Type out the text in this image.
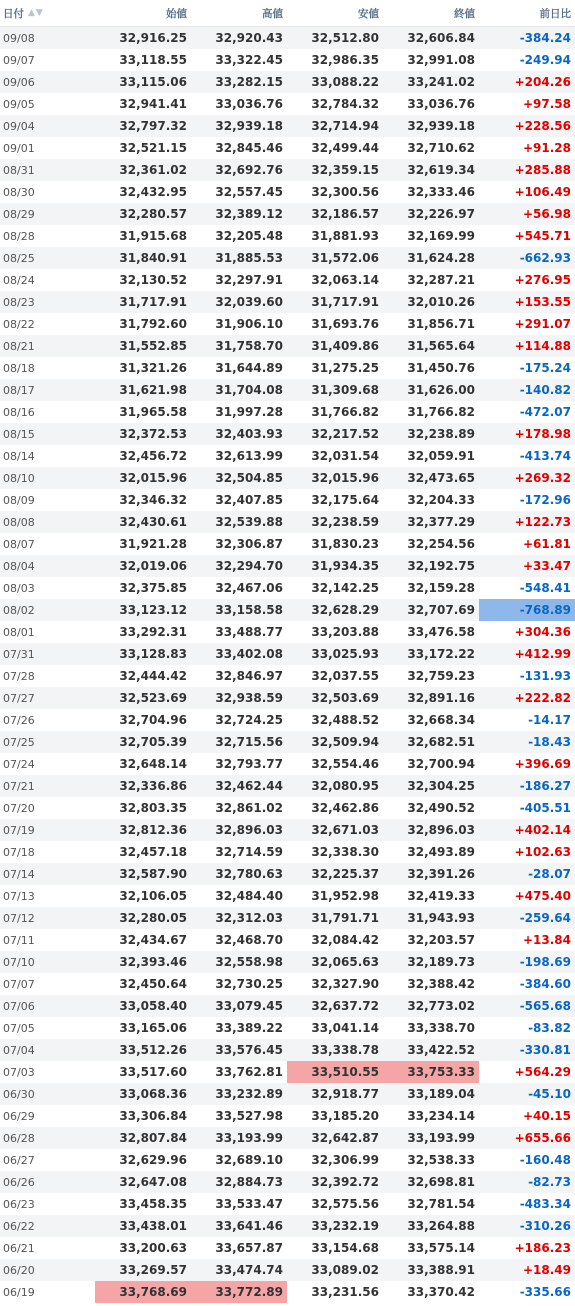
日付 ▲▼	始値	高値	安値	終値	前日比
09/08	32,916.25	32,920.43	32,512.80	32,606.84	-384.24
09/07	33,118.55	33,322.45	32,986.35	32,991.08	-249.94
09/06	33,115.06	33,282.15	33,088.22	33,241.02	+204.26
09/05	32,941.41	33,036.76	32,784.32	33,036.76	+97.58
09/04	32,797.32	32,939.18	32,714.94	32,939.18	+228.56
09/01	32,521.15	32,845.46	32,499.44	32,710.62	+91.28
08/31	32,361.02	32,692.76	32,359.15	32,619.34	+285.88
08/30	32,432.95	32,557.45	32,300.56	32,333.46	+106.49
08/29	32,280.57	32,389.12	32,186.57	32,226.97	+56.98
08/28	31,915.68	32,205.48	31,881.93	32,169.99	+545.71
08/25	31,840.91	31,885.53	31,572.06	31,624.28	-662.93
08/24	32,130.52	32,297.91	32,063.14	32,287.21	+276.95
08/23	31,717.91	32,039.60	31,717.91	32,010.26	+153.55
08/22	31,792.60	31,906.10	31,693.76	31,856.71	+291.07
08/21	31,552.85	31,758.70	31,409.86	31,565.64	+114.88
08/18	31,321.26	31,644.89	31,275.25	31,450.76	-175.24
08/17	31,621.98	31,704.08	31,309.68	31,626.00	-140.82
08/16	31,965.58	31,997.28	31,766.82	31,766.82	-472.07
08/15	32,372.53	32,403.93	32,217.52	32,238.89	+178.98
08/14	32,456.72	32,613.99	32,031.54	32,059.91	-413.74
08/10	32,015.96	32,504.85	32,015.96	32,473.65	+269.32
08/09	32,346.32	32,407.85	32,175.64	32,204.33	-172.96
08/08	32,430.61	32,539.88	32,238.59	32,377.29	+122.73
08/07	31,921.28	32,306.87	31,830.23	32,254.56	+61.81
08/04	32,019.06	32,294.70	31,934.35	32,192.75	+33.47
08/03	32,375.85	32,467.06	32,142.25	32,159.28	-548.41
08/02	33,123.12	33,158.58	32,628.29	32,707.69	-768.89
08/01	33,292.31	33,488.77	33,203.88	33,476.58	+304.36
07/31	33,128.83	33,402.08	33,025.93	33,172.22	+412.99
07/28	32,444.42	32,846.97	32,037.55	32,759.23	-131.93
07/27	32,523.69	32,938.59	32,503.69	32,891.16	+222.82
07/26	32,704.96	32,724.25	32,488.52	32,668.34	-14.17
07/25	32,705.39	32,715.56	32,509.94	32,682.51	-18.43
07/24	32,648.14	32,793.77	32,554.46	32,700.94	+396.69
07/21	32,336.86	32,462.44	32,080.95	32,304.25	-186.27
07/20	32,803.35	32,861.02	32,462.86	32,490.52	-405.51
07/19	32,812.36	32,896.03	32,671.03	32,896.03	+402.14
07/18	32,457.18	32,714.59	32,338.30	32,493.89	+102.63
07/14	32,587.90	32,780.63	32,225.37	32,391.26	-28.07
07/13	32,106.05	32,484.40	31,952.98	32,419.33	+475.40
07/12	32,280.05	32,312.03	31,791.71	31,943.93	-259.64
07/11	32,434.67	32,468.70	32,084.42	32,203.57	+13.84
07/10	32,393.46	32,558.98	32,065.63	32,189.73	-198.69
07/07	32,450.64	32,730.25	32,327.90	32,388.42	-384.60
07/06	33,058.40	33,079.45	32,637.72	32,773.02	-565.68
07/05	33,165.06	33,389.22	33,041.14	33,338.70	-83.82
07/04	33,512.26	33,576.45	33,338.78	33,422.52	-330.81
07/03	33,517.60	33,762.81	33,510.55	33,753.33	+564.29
06/30	33,068.36	33,232.89	32,918.77	33,189.04	-45.10
06/29	33,306.84	33,527.98	33,185.20	33,234.14	+40.15
06/28	32,807.84	33,193.99	32,642.87	33,193.99	+655.66
06/27	32,629.96	32,689.10	32,306.99	32,538.33	-160.48
06/26	32,647.08	32,884.73	32,392.72	32,698.81	-82.73
06/23	33,458.35	33,533.47	32,575.56	32,781.54	-483.34
06/22	33,438.01	33,641.46	33,232.19	33,264.88	-310.26
06/21	33,200.63	33,657.87	33,154.68	33,575.14	+186.23
06/20	33,269.57	33,474.74	33,089.02	33,388.91	+18.49
06/19	33,768.69	33,772.89	33,231.56	33,370.42	-335.66
